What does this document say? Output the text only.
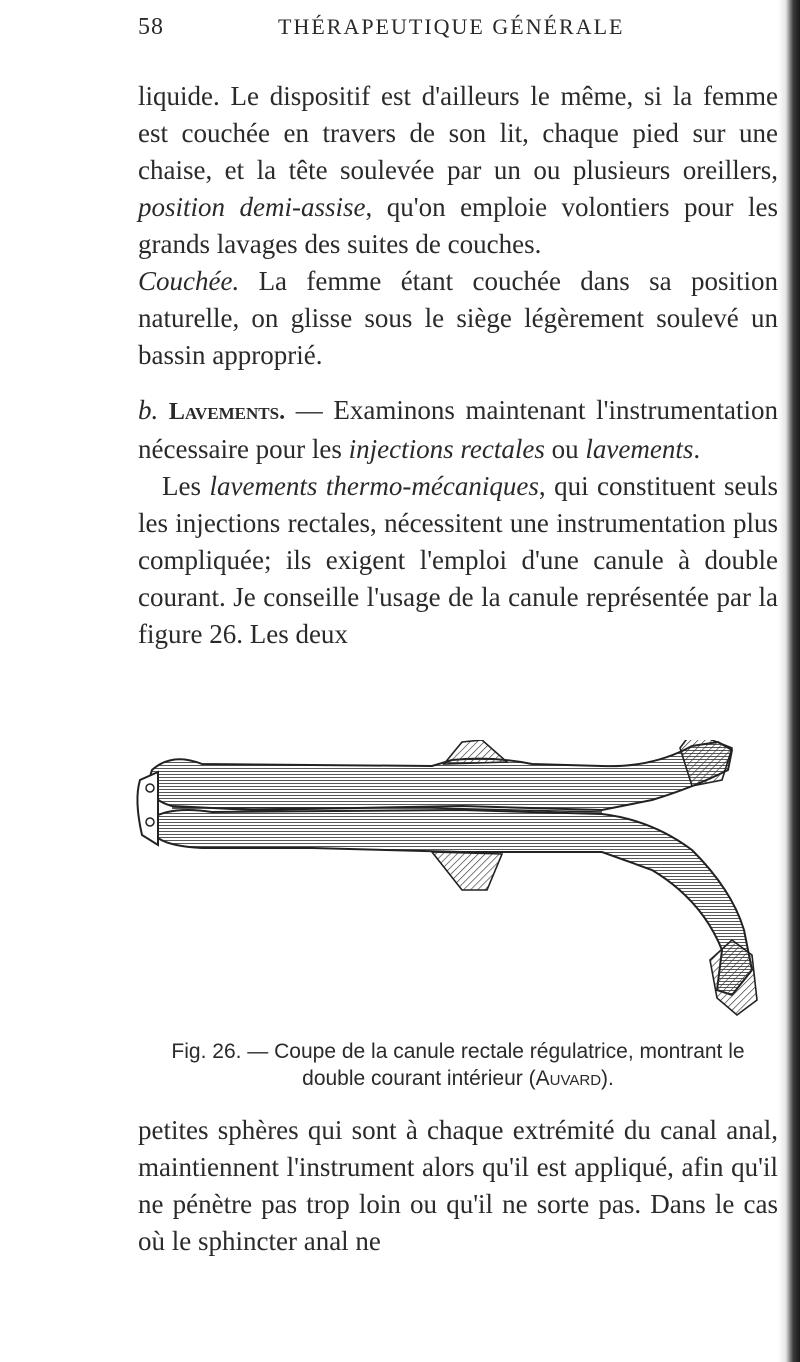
58	THÉRAPEUTIQUE GÉNÉRALE

liquide. Le dispositif est d'ailleurs le même, si la femme est couchée en travers de son lit, chaque pied sur une chaise, et la tête soulevée par un ou plusieurs oreillers, position demi-assise, qu'on emploie volontiers pour les grands lavages des suites de couches.

Couchée. La femme étant couchée dans sa position naturelle, on glisse sous le siège légèrement soulevé un bassin approprié.

b. Lavements. — Examinons maintenant l'instrumentation nécessaire pour les injections rectales ou lavements.

Les lavements thermo-mécaniques, qui constituent seuls les injections rectales, nécessitent une instrumentation plus compliquée; ils exigent l'emploi d'une canule à double courant. Je conseille l'usage de la canule représentée par la figure 26. Les deux

Fig. 26. — Coupe de la canule rectale régulatrice, montrant le double courant intérieur (Auvard).

petites sphères qui sont à chaque extrémité du canal anal, maintiennent l'instrument alors qu'il est appliqué, afin qu'il ne pénètre pas trop loin ou qu'il ne sorte pas. Dans le cas où le sphincter anal ne
